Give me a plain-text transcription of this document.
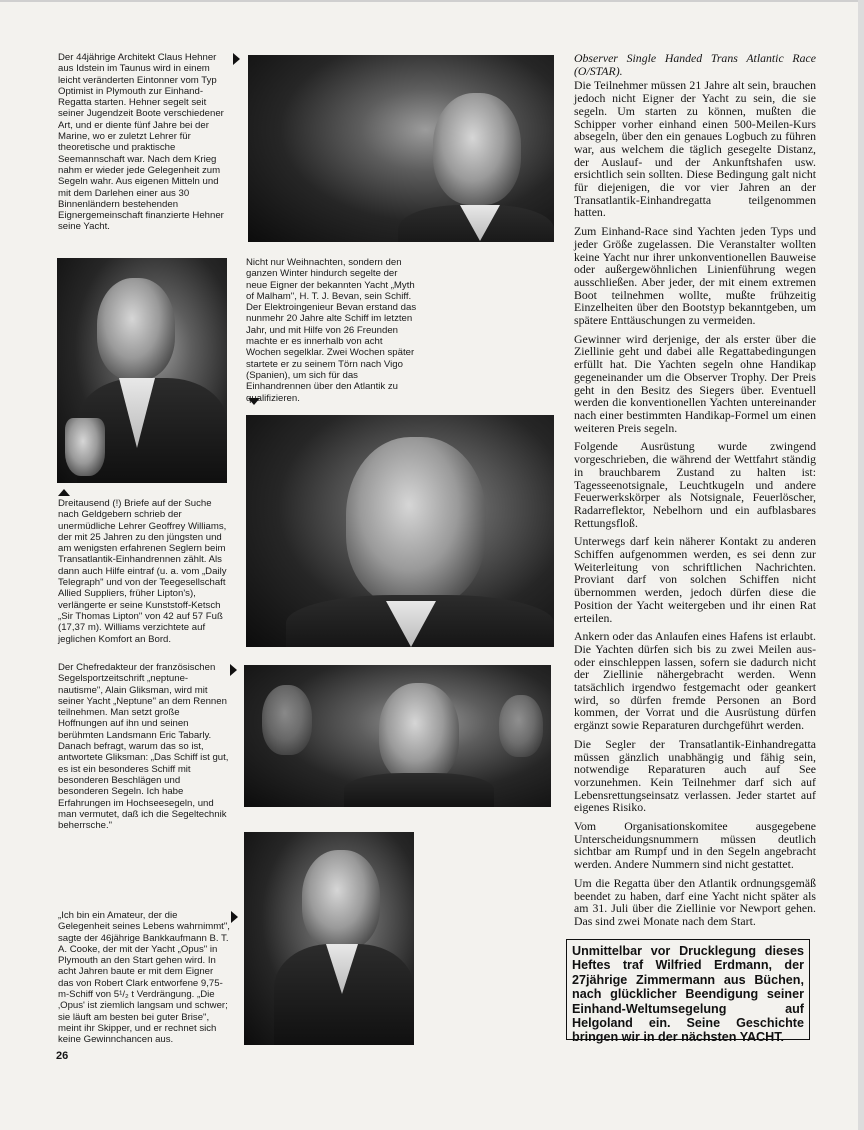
Der 44jährige Architekt Claus Hehner aus Idstein im Taunus wird in einem leicht veränderten Eintonner vom Typ Optimist in Plymouth zur Einhand-Regatta starten. Hehner segelt seit seiner Jugendzeit Boote verschiedener Art, und er diente fünf Jahre bei der Marine, wo er zuletzt Lehrer für theoretische und praktische Seemannschaft war. Nach dem Krieg nahm er wieder jede Gelegenheit zum Segeln wahr. Aus eigenen Mitteln und mit dem Darlehen einer aus 30 Binnenländern bestehenden Eignergemeinschaft finanzierte Hehner seine Yacht.

Nicht nur Weihnachten, sondern den ganzen Winter hindurch segelte der neue Eigner der bekannten Yacht „Myth of Malham", H. T. J. Bevan, sein Schiff. Der Elektroingenieur Bevan erstand das nunmehr 20 Jahre alte Schiff im letzten Jahr, und mit Hilfe von 26 Freunden machte er es innerhalb von acht Wochen segelklar. Zwei Wochen später startete er zu seinem Törn nach Vigo (Spanien), um sich für das Einhandrennen über den Atlantik zu qualifizieren.

Dreitausend (!) Briefe auf der Suche nach Geldgebern schrieb der unermüdliche Lehrer Geoffrey Williams, der mit 25 Jahren zu den jüngsten und am wenigsten erfahrenen Seglern beim Transatlantik-Einhandrennen zählt. Als dann auch Hilfe eintraf (u. a. vom „Daily Telegraph" und von der Teegesellschaft Allied Suppliers, früher Lipton's), verlängerte er seine Kunststoff-Ketsch „Sir Thomas Lipton" von 42 auf 57 Fuß (17,37 m). Williams verzichtete auf jeglichen Komfort an Bord.

Der Chefredakteur der französischen Segelsportzeitschrift „neptune-nautisme", Alain Gliksman, wird mit seiner Yacht „Neptune" an dem Rennen teilnehmen. Man setzt große Hoffnungen auf ihn und seinen berühmten Landsmann Eric Tabarly. Danach befragt, warum das so ist, antwortete Gliksman: „Das Schiff ist gut, es ist ein besonderes Schiff mit besonderen Beschlägen und besonderen Segeln. Ich habe Erfahrungen im Hochseesegeln, und man vermutet, daß ich die Segeltechnik beherrsche."

„Ich bin ein Amateur, der die Gelegenheit seines Lebens wahrnimmt", sagte der 46jährige Bankkaufmann B. T. A. Cooke, der mit der Yacht „Opus" in Plymouth an den Start gehen wird. In acht Jahren baute er mit dem Eigner das von Robert Clark entworfene 9,75-m-Schiff von 5¹/₂ t Verdrängung. „Die ‚Opus' ist ziemlich langsam und schwer; sie läuft am besten bei guter Brise", meint ihr Skipper, und er rechnet sich keine Gewinnchancen aus.

Observer Single Handed Trans Atlantic Race (O/STAR).

Die Teilnehmer müssen 21 Jahre alt sein, brauchen jedoch nicht Eigner der Yacht zu sein, die sie segeln. Um starten zu können, mußten die Schipper vorher einhand einen 500-Meilen-Kurs absegeln, über den ein genaues Logbuch zu führen war, aus welchem die täglich gesegelte Distanz, der Auslauf- und der Ankunftshafen usw. ersichtlich sein sollten. Diese Bedingung galt nicht für diejenigen, die vor vier Jahren an der Transatlantik-Einhandregatta teilgenommen hatten.

Zum Einhand-Race sind Yachten jeden Typs und jeder Größe zugelassen. Die Veranstalter wollten keine Yacht nur ihrer unkonventionellen Bauweise oder außergewöhnlichen Linienführung wegen ausschließen. Aber jeder, der mit einem extremen Boot teilnehmen wollte, mußte frühzeitig Einzelheiten über den Bootstyp bekanntgeben, um spätere Enttäuschungen zu vermeiden.

Gewinner wird derjenige, der als erster über die Ziellinie geht und dabei alle Regattabedingungen erfüllt hat. Die Yachten segeln ohne Handikap gegeneinander um die Observer Trophy. Der Preis geht in den Besitz des Siegers über. Eventuell werden die konventionellen Yachten untereinander nach einer bestimmten Handikap-Formel um einen weiteren Preis segeln.

Folgende Ausrüstung wurde zwingend vorgeschrieben, die während der Wettfahrt ständig in brauchbarem Zustand zu halten ist: Tagesseenotsignale, Leuchtkugeln und andere Feuerwerkskörper als Notsignale, Feuerlöscher, Radarreflektor, Nebelhorn und ein aufblasbares Rettungsfloß.

Unterwegs darf kein näherer Kontakt zu anderen Schiffen aufgenommen werden, es sei denn zur Weiterleitung von schriftlichen Nachrichten. Proviant darf von solchen Schiffen nicht übernommen werden, jedoch dürfen diese die Position der Yacht weitergeben und ihr einen Rat erteilen.

Ankern oder das Anlaufen eines Hafens ist erlaubt. Die Yachten dürfen sich bis zu zwei Meilen aus- oder einschleppen lassen, sofern sie dadurch nicht der Ziellinie nähergebracht werden. Wenn tatsächlich irgendwo festgemacht oder geankert wird, so dürfen fremde Personen an Bord kommen, der Vorrat und die Ausrüstung dürfen ergänzt sowie Reparaturen durchgeführt werden.

Die Segler der Transatlantik-Einhandregatta müssen gänzlich unabhängig und fähig sein, notwendige Reparaturen auch auf See vorzunehmen. Kein Teilnehmer darf sich auf Lebensrettungseinsatz verlassen. Jeder startet auf eigenes Risiko.

Vom Organisationskomitee ausgegebene Unterscheidungsnummern müssen deutlich sichtbar am Rumpf und in den Segeln angebracht werden. Andere Nummern sind nicht gestattet.

Um die Regatta über den Atlantik ordnungsgemäß beendet zu haben, darf eine Yacht nicht später als am 31. Juli über die Ziellinie vor Newport gehen. Das sind zwei Monate nach dem Start.

Unmittelbar vor Drucklegung dieses Heftes traf Wilfried Erdmann, der 27jährige Zimmermann aus Büchen, nach glücklicher Beendigung seiner Einhand-Weltumsegelung auf Helgoland ein. Seine Geschichte bringen wir in der nächsten YACHT.
26
